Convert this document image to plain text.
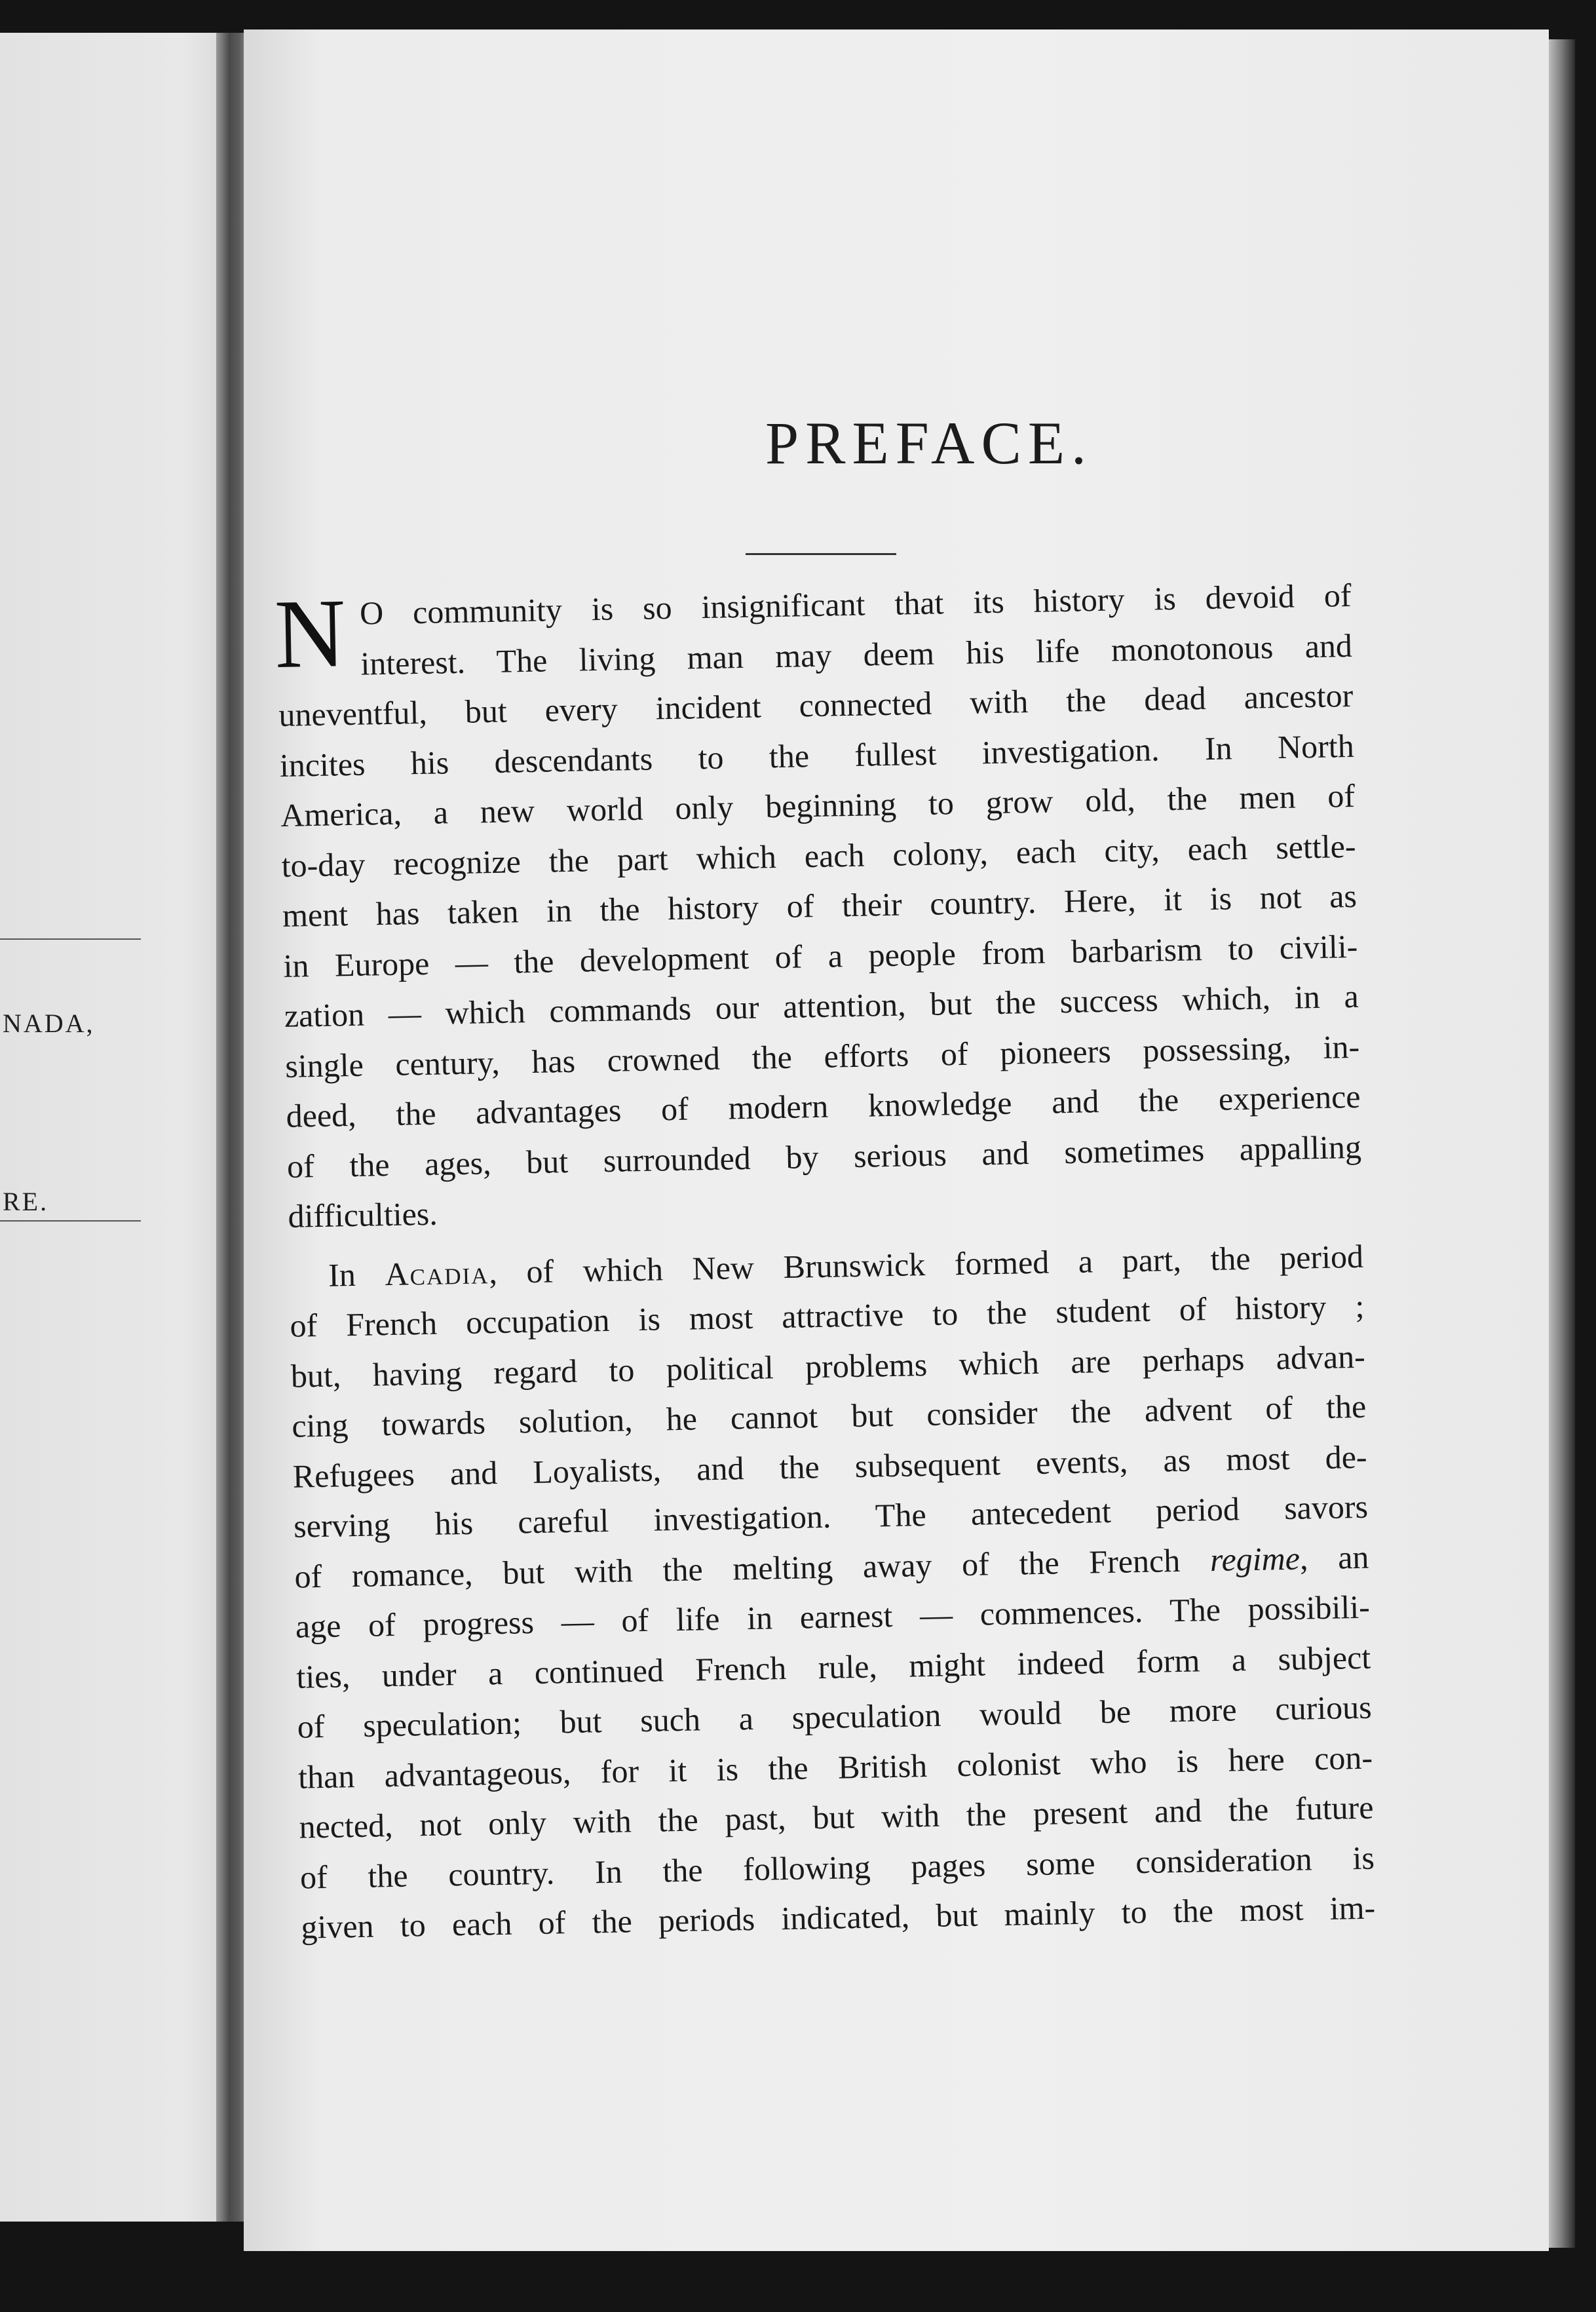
NADA,
RE.
PREFACE.
N O community is so insignificant that its history is devoid of
interest. The living man may deem his life monotonous and
uneventful, but every incident connected with the dead ancestor
incites his descendants to the fullest investigation. In North
America, a new world only beginning to grow old, the men of
to-day recognize the part which each colony, each city, each settle-
ment has taken in the history of their country. Here, it is not as
in Europe — the development of a people from barbarism to civili-
zation — which commands our attention, but the success which, in a
single century, has crowned the efforts of pioneers possessing, in-
deed, the advantages of modern knowledge and the experience
of the ages, but surrounded by serious and sometimes appalling
difficulties.
In Acadia, of which New Brunswick formed a part, the period
of French occupation is most attractive to the student of history ;
but, having regard to political problems which are perhaps advan-
cing towards solution, he cannot but consider the advent of the
Refugees and Loyalists, and the subsequent events, as most de-
serving his careful investigation. The antecedent period savors
of romance, but with the melting away of the French regime, an
age of progress — of life in earnest — commences. The possibili-
ties, under a continued French rule, might indeed form a subject
of speculation; but such a speculation would be more curious
than advantageous, for it is the British colonist who is here con-
nected, not only with the past, but with the present and the future
of the country. In the following pages some consideration is
given to each of the periods indicated, but mainly to the most im-
